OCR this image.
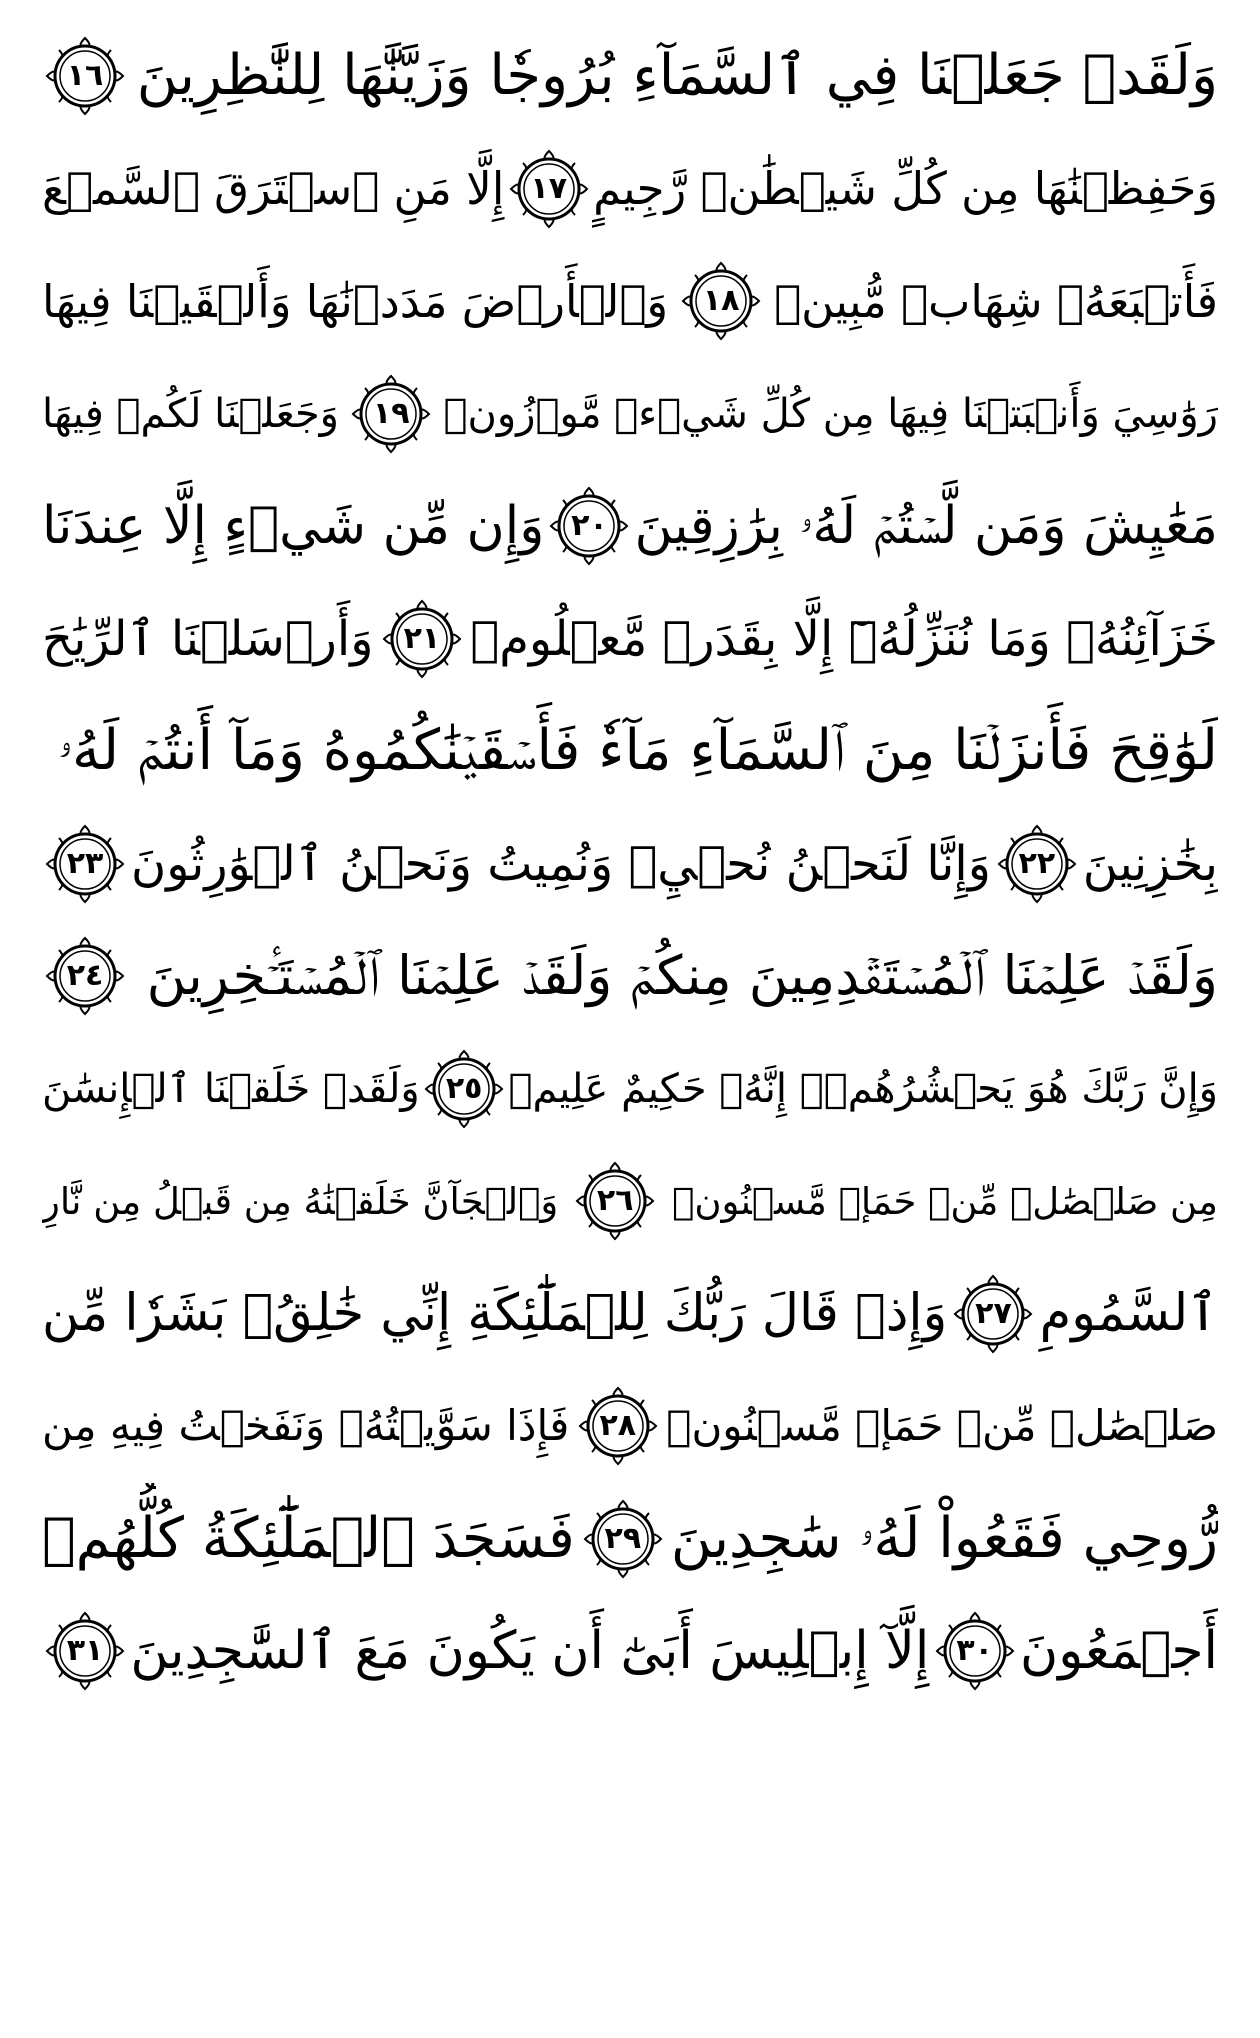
وَلَقَدۡ جَعَلۡنَا فِي ٱلسَّمَآءِ بُرُوجٗا وَزَيَّنَّٰهَا لِلنَّٰظِرِينَ
١٦
وَحَفِظۡنَٰهَا مِن كُلِّ شَيۡطَٰنٖ رَّجِيمٍ
١٧
إِلَّا مَنِ ٱسۡتَرَقَ ٱلسَّمۡعَ
فَأَتۡبَعَهُۥ شِهَابٞ مُّبِينٞ
١٨
وَٱلۡأَرۡضَ مَدَدۡنَٰهَا وَأَلۡقَيۡنَا فِيهَا
رَوَٰسِيَ وَأَنۢبَتۡنَا فِيهَا مِن كُلِّ شَيۡءٖ مَّوۡزُونٖ
١٩
وَجَعَلۡنَا لَكُمۡ فِيهَا
مَعَٰيِشَ وَمَن لَّسۡتُمۡ لَهُۥ بِرَٰزِقِينَ
٢٠
وَإِن مِّن شَيۡءٍ إِلَّا عِندَنَا
خَزَآئِنُهُۥ وَمَا نُنَزِّلُهُۥٓ إِلَّا بِقَدَرٖ مَّعۡلُومٖ
٢١
وَأَرۡسَلۡنَا ٱلرِّيَٰحَ
لَوَٰقِحَ فَأَنزَلۡنَا مِنَ ٱلسَّمَآءِ مَآءٗ فَأَسۡقَيۡنَٰكُمُوهُ وَمَآ أَنتُمۡ لَهُۥ
بِخَٰزِنِينَ
٢٢
وَإِنَّا لَنَحۡنُ نُحۡيِۦ وَنُمِيتُ وَنَحۡنُ ٱلۡوَٰرِثُونَ
٢٣
وَلَقَدۡ عَلِمۡنَا ٱلۡمُسۡتَقۡدِمِينَ مِنكُمۡ وَلَقَدۡ عَلِمۡنَا ٱلۡمُسۡتَـٔۡخِرِينَ
٢٤
وَإِنَّ رَبَّكَ هُوَ يَحۡشُرُهُمۡۚ إِنَّهُۥ حَكِيمٌ عَلِيمٞ
٢٥
وَلَقَدۡ خَلَقۡنَا ٱلۡإِنسَٰنَ
مِن صَلۡصَٰلٖ مِّنۡ حَمَإٖ مَّسۡنُونٖ
٢٦
وَٱلۡجَآنَّ خَلَقۡنَٰهُ مِن قَبۡلُ مِن نَّارِ
ٱلسَّمُومِ
٢٧
وَإِذۡ قَالَ رَبُّكَ لِلۡمَلَٰٓئِكَةِ إِنِّي خَٰلِقُۢ بَشَرٗا مِّن
صَلۡصَٰلٖ مِّنۡ حَمَإٖ مَّسۡنُونٖ
٢٨
فَإِذَا سَوَّيۡتُهُۥ وَنَفَخۡتُ فِيهِ مِن
رُّوحِي فَقَعُواْ لَهُۥ سَٰجِدِينَ
٢٩
فَسَجَدَ ٱلۡمَلَٰٓئِكَةُ كُلُّهُمۡ
أَجۡمَعُونَ
٣٠
إِلَّآ إِبۡلِيسَ أَبَىٰٓ أَن يَكُونَ مَعَ ٱلسَّٰجِدِينَ
٣١
